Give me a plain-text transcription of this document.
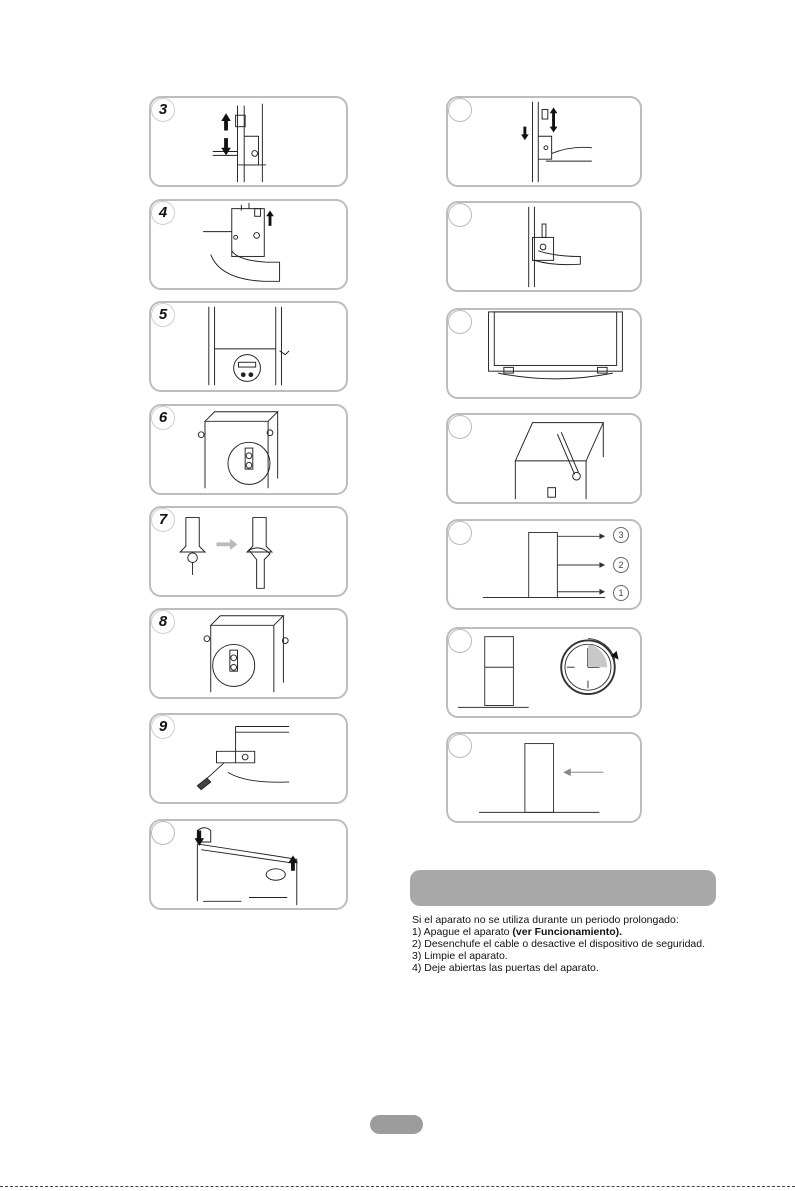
3
4
5
6
7
8
9
3
2
1
Si el aparato no se utiliza durante un periodo prolongado:
1) Apague el aparato (ver Funcionamiento).
2) Desenchufe el cable o desactive el dispositivo de seguridad.
3) Limpie el aparato.
4) Deje abiertas las puertas del aparato.
